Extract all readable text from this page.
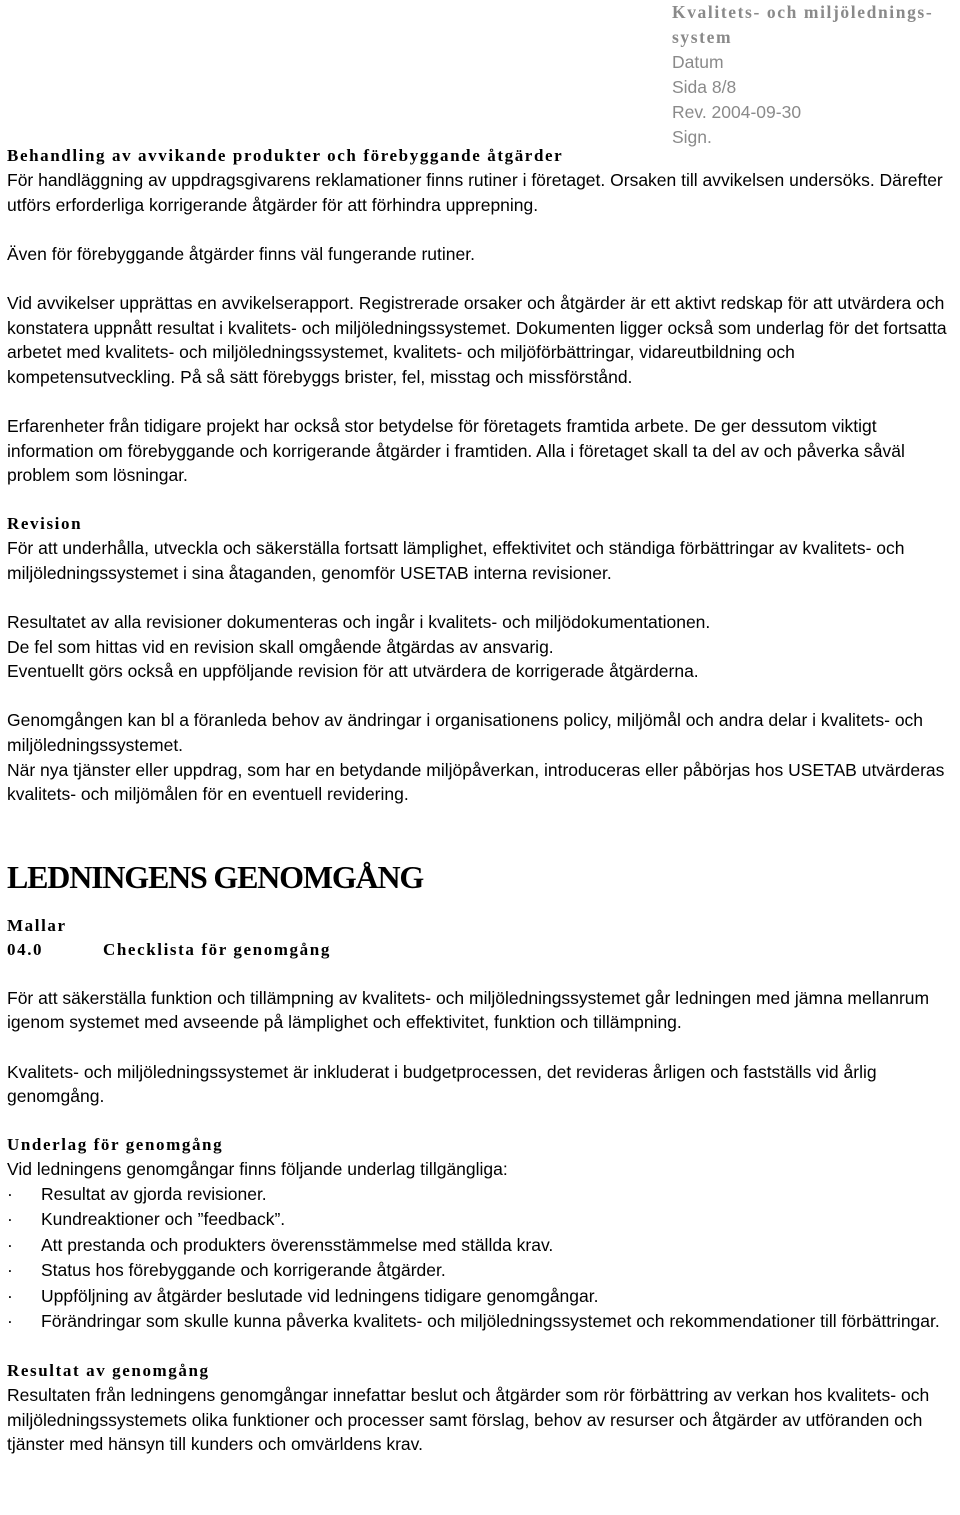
Kvalitets- och miljölednings-
system
Datum
Sida 8/8
Rev. 2004-09-30
Sign.
Behandling av avvikande produkter och förebyggande åtgärder

För handläggning av uppdragsgivarens reklamationer finns rutiner i företaget. Orsaken till avvikelsen undersöks. Därefter utförs erforderliga korrigerande åtgärder för att förhindra upprepning.

Även för förebyggande åtgärder finns väl fungerande rutiner.

Vid avvikelser upprättas en avvikelserapport. Registrerade orsaker och åtgärder är ett aktivt redskap för att utvärdera och konstatera uppnått resultat i kvalitets- och miljöledningssystemet. Dokumenten ligger också som underlag för det fortsatta arbetet med kvalitets- och miljöledningssystemet, kvalitets- och miljöförbättringar, vidareutbildning och kompetensutveckling. På så sätt förebyggs brister, fel, misstag och missförstånd.

Erfarenheter från tidigare projekt har också stor betydelse för företagets framtida arbete. De ger dessutom viktigt information om förebyggande och korrigerande åtgärder i framtiden. Alla i företaget skall ta del av och påverka såväl problem som lösningar.

Revision

För att underhålla, utveckla och säkerställa fortsatt lämplighet, effektivitet och ständiga förbättringar av kvalitets- och miljöledningssystemet i sina åtaganden, genomför USETAB interna revisioner.

Resultatet av alla revisioner dokumenteras och ingår i kvalitets- och miljödokumentationen.

De fel som hittas vid en revision skall omgående åtgärdas av ansvarig.

Eventuellt görs också en uppföljande revision för att utvärdera de korrigerade åtgärderna.

Genomgången kan bl a föranleda behov av ändringar i organisationens policy, miljömål och andra delar i kvalitets- och miljöledningssystemet.

När nya tjänster eller uppdrag, som har en betydande miljöpåverkan, introduceras eller påbörjas hos USETAB utvärderas kvalitets- och miljömålen för en eventuell revidering.

LEDNINGENS GENOMGÅNG
Mallar
04.0	Checklista för genomgång

För att säkerställa funktion och tillämpning av kvalitets- och miljöledningssystemet går ledningen med jämna mellanrum igenom systemet med avseende på lämplighet och effektivitet, funktion och tillämpning.

Kvalitets- och miljöledningssystemet är inkluderat i budgetprocessen, det revideras årligen och fastställs vid årlig genomgång.

Underlag för genomgång

Vid ledningens genomgångar finns följande underlag tillgängliga:

·	Resultat av gjorda revisioner.
·	Kundreaktioner och ”feedback”.
·	Att prestanda och produkters överensstämmelse med ställda krav.
·	Status hos förebyggande och korrigerande åtgärder.
·	Uppföljning av åtgärder beslutade vid ledningens tidigare genomgångar.
·	Förändringar som skulle kunna påverka kvalitets- och miljöledningssystemet och rekommendationer till förbättringar.
Resultat av genomgång

Resultaten från ledningens genomgångar innefattar beslut och åtgärder som rör förbättring av verkan hos kvalitets- och miljöledningssystemets olika funktioner och processer samt förslag, behov av resurser och åtgärder av utföranden och tjänster med hänsyn till kunders och omvärldens krav.
